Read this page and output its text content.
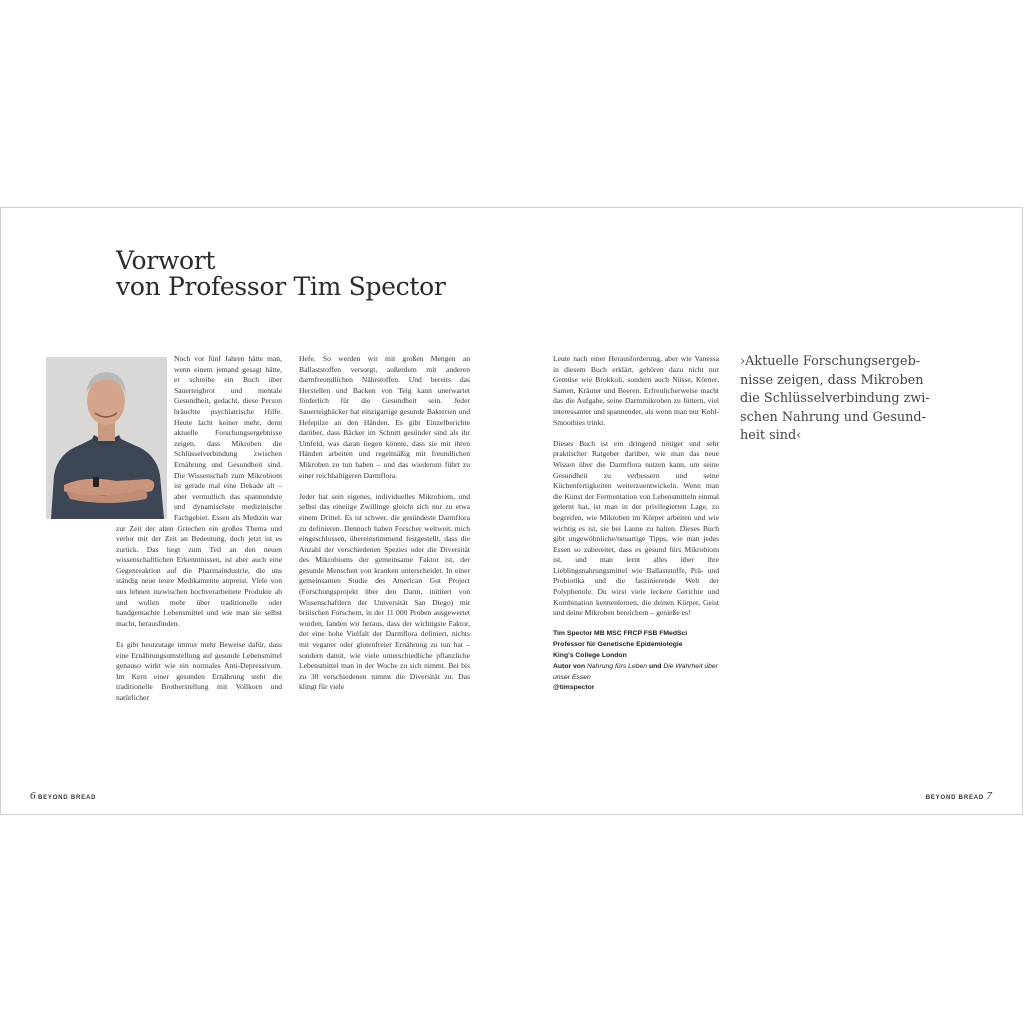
Vorwort
von Professor Tim Spector

Noch vor fünf Jahren hätte man, wenn einem jemand gesagt hätte, er schreibe ein Buch über Sauerteigbrot und mentale Gesundheit, gedacht, diese Person bräuchte psychiatrische Hilfe. Heute lacht keiner mehr, denn aktuelle Forschungsergebnisse zeigen, dass Mikroben die Schlüsselverbindung zwischen Ernährung und Gesundheit sind. Die Wissenschaft zum Mikrobiom ist gerade mal eine Dekade alt – aber vermutlich das spannendste und dynamischste medizinische Fachgebiet. Essen als Medizin war zur Zeit der alten Griechen ein großes Thema und verlor mit der Zeit an Bedeutung, doch jetzt ist es zurück. Das liegt zum Teil an den neuen wissenschaftlichen Erkenntnissen, ist aber auch eine Gegenreaktion auf die Pharmaindustrie, die uns ständig neue teure Medikamente anpreist. Viele von uns lehnen inzwischen hochverarbeitete Produkte ab und wollen mehr über traditionelle oder handgemachte Lebensmittel und wie man sie selbst macht, herausfinden.

Es gibt heutzutage immer mehr Beweise dafür, dass eine Ernährungsumstellung auf gesunde Lebensmittel genauso wirkt wie ein normales Anti-Depressivum. Im Kern einer gesunden Ernährung steht die traditionelle Brotherstellung mit Vollkorn und natürlicher

Hefe. So werden wir mit großen Mengen an Ballaststoffen versorgt, außerdem mit anderen darmfreundlichen Nährstoffen. Und bereits das Herstellen und Backen von Teig kann unerwartet förderlich für die Gesundheit sein. Jeder Sauerteigbäcker hat einzigartige gesunde Bakterien und Hefepilze an den Händen. Es gibt Einzelberichte darüber, dass Bäcker im Schnitt gesünder sind als ihr Umfeld, was daran liegen könnte, dass sie mit ihren Händen arbeiten und regelmäßig mit freundlichen Mikroben zu tun haben – und das wiederum führt zu einer reichhaltigeren Darmflora.

Jeder hat sein eigenes, individuelles Mikrobiom, und selbst das eineiige Zwillinge gleicht sich nur zu etwa einem Drittel. Es ist schwer, die gesündeste Darmflora zu definieren. Dennoch haben Forscher weltweit, mich eingeschlossen, übereinstimmend festgestellt, dass die Anzahl der verschiedenen Spezies oder die Diversität des Mikrobioms der gemeinsame Faktor ist, der gesunde Menschen von kranken unterscheidet. In einer gemeinsamen Studie des American Gut Project (Forschungsprojekt über den Darm, initiiert von Wissenschaftlern der Universität San Diego) mit britischen Forschern, in der 11 000 Proben ausgewertet wurden, fanden wir heraus, dass der wichtigste Faktor, der eine hohe Vielfalt der Darmflora definiert, nichts mit veganer oder glutenfreier Ernährung zu tun hat – sondern damit, wie viele unterschiedliche pflanzliche Lebensmittel man in der Woche zu sich nimmt. Bei bis zu 30 verschiedenen nimmt die Diversität zu. Das klingt für viele

Leute nach einer Herausforderung, aber wie Vanessa in diesem Buch erklärt, gehören dazu nicht nur Gemüse wie Brokkoli, sondern auch Nüsse, Körner, Samen, Kräuter und Beeren. Erfreulicherweise macht das die Aufgabe, seine Darmmikroben zu füttern, viel interessanter und spannender, als wenn man nur Kohl-Smoothies trinkt.

Dieses Buch ist ein dringend nötiger und sehr praktischer Ratgeber darüber, wie man das neue Wissen über die Darmflora nutzen kann, um seine Gesundheit zu verbessern und seine Küchenfertigkeiten weiterzuentwickeln. Wenn man die Kunst der Fermentation von Lebensmitteln einmal gelernt hat, ist man in der privilegierten Lage, zu begreifen, wie Mikroben im Körper arbeiten und wie wichtig es ist, sie bei Laune zu halten. Dieses Buch gibt ungewöhnliche/neuartige Tipps, wie man jedes Essen so zubereitet, dass es gesund fürs Mikrobiom ist, und man lernt alles über ihre Lieblingsnahrungsmittel wie Ballaststoffe, Prä- und Probiotika und die faszinierende Welt der Polyphenole. Du wirst viele leckere Gerichte und Kombination kennenlernen, die deinen Körper, Geist und deine Mikroben bereichern – genieße es!

Tim Spector MB MSC FRCP FSB FMedSci
Professor für Genetische Epidemiologie
King's College London
Autor von Nahrung fürs Leben und Die Wahrheit über unser Essen
@timspector
›Aktuelle Forschungsergeb-
nisse zeigen, dass Mikroben
die Schlüsselverbindung zwi-
schen Nahrung und Gesund-
heit sind‹
6 BEYOND BREAD	BEYOND BREAD 7
